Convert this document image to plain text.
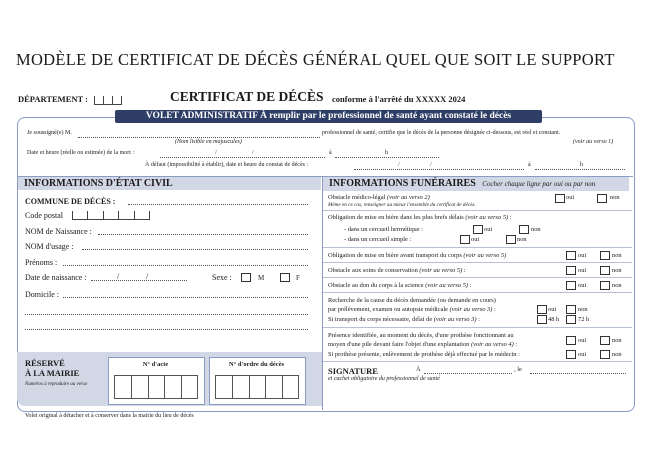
MODÈLE DE CERTIFICAT DE DÉCÈS GÉNÉRAL QUEL QUE SOIT LE SUPPORT
DÉPARTEMENT :	CERTIFICAT DE DÉCÈS conforme à l'arrêté du XXXXX 2024
VOLET ADMINISTRATIF À remplir par le professionnel de santé ayant constaté le décès
Je soussigné(e) M.	professionnel de santé, certifie que le décès de la personne désignée ci-dessous, est réel et constant.
(Nom lisible en majuscules)	(voir au verso 1)
Date et heure (réelle ou estimée) de la mort :	/	/	à	h
À défaut (impossibilité à établir), date et heure du constat de décès :	/	/	à	h
INFORMATIONS D'ÉTAT CIVIL
COMMUNE DE DÉCÈS :
Code postal
NOM de Naissance :
NOM d'usage :
Prénoms :
Date de naissance :	/	/	Sexe :	M	F
Domicile :
RÉSERVÉ
À LA MAIRIE
Numéros à reproduire au verso
N° d'acte	N° d'ordre du décès
INFORMATIONS FUNÉRAIRES Cocher chaque ligne par oui ou par non
Obstacle médico-légal (voir au verso 2)
Même en ce cas, renseigner au mieux l'ensemble du certificat de décès.
oui	non
Obligation de mise en bière dans les plus brefs délais (voir au verso 5) :
- dans un cercueil hermétique :	oui	non
- dans un cercueil simple :	oui	non
Obligation de mise en bière avant transport du corps (voir au verso 5)	oui	non
Obstacle aux soins de conservation (voir au verso 5) :	oui	non
Obstacle au don du corps à la science (voir au verso 5) :	oui	non
Recherche de la cause du décès demandée (ou demande en cours)
par prélèvement, examen ou autopsie médicale (voir au verso 3) :	oui	non
Si transport du corps nécessaire, délai de (voir au verso 3) :	48 h	72 h
Présence identifiée, au moment du décès, d'une prothèse fonctionnant au
moyen d'une pile devant faire l'objet d'une explantation (voir au verso 4) :
oui	non
Si prothèse présente, enlèvement de prothèse déjà effectué par le médecin :	oui	non
SIGNATURE	À	, le
et cachet obligatoire du professionnel de santé
Volet original à détacher et à conserver dans la mairie du lieu de décès
